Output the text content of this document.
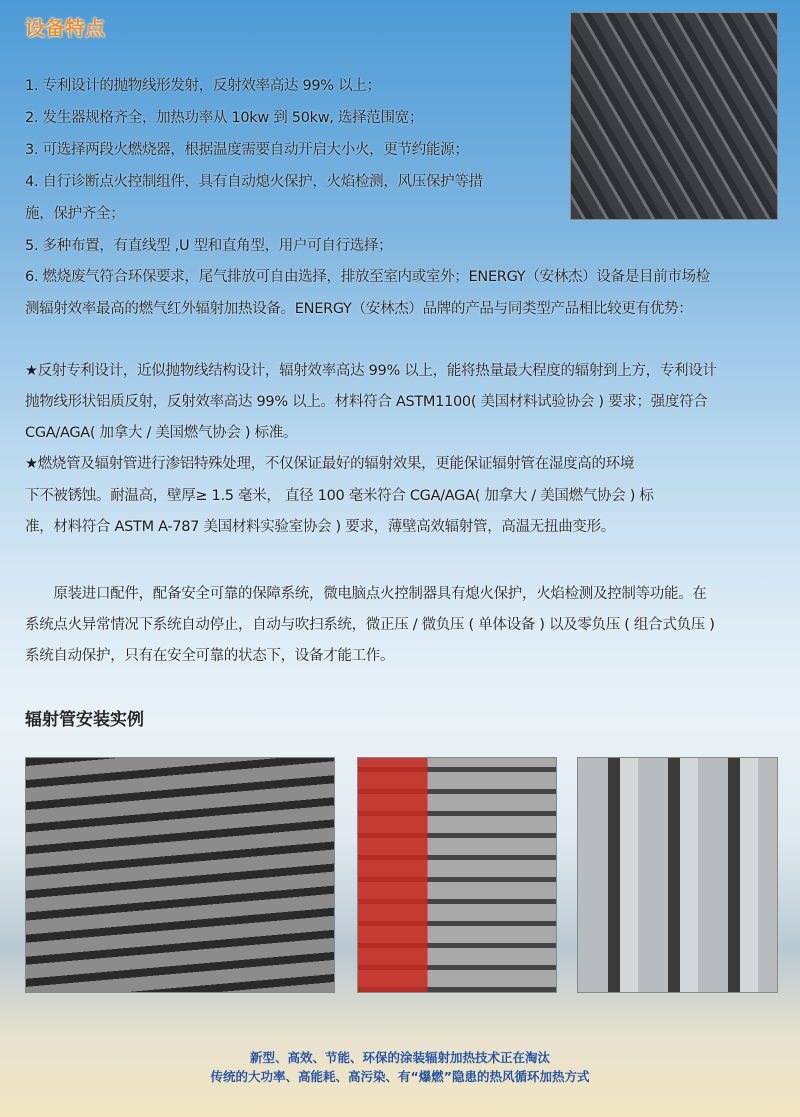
设备特点
1. 专利设计的抛物线形发射，反射效率高达 99% 以上；
2. 发生器规格齐全，加热功率从 10kw 到 50kw, 选择范围宽；
3. 可选择两段火燃烧器，根据温度需要自动开启大小火，更节约能源；
4. 自行诊断点火控制组件，具有自动熄火保护，火焰检测，风压保护等措
施，保护齐全；
5. 多种布置，有直线型 ,U 型和直角型，用户可自行选择；
6. 燃烧废气符合环保要求，尾气排放可自由选择，排放至室内或室外；ENERGY（安林杰）设备是目前市场检
测辐射效率最高的燃气红外辐射加热设备。ENERGY（安林杰）品牌的产品与同类型产品相比较更有优势：
★反射专利设计，近似抛物线结构设计，辐射效率高达 99% 以上，能将热量最大程度的辐射到上方，专利设计
抛物线形状铝质反射，反射效率高达 99% 以上。材料符合 ASTM1100( 美国材料试验协会 ) 要求；强度符合
CGA/AGA( 加拿大 / 美国燃气协会 ) 标准。
★燃烧管及辐射管进行渗铝特殊处理，不仅保证最好的辐射效果，更能保证辐射管在湿度高的环境
下不被锈蚀。耐温高，壁厚≥ 1.5 毫米， 直径 100 毫米符合 CGA/AGA( 加拿大 / 美国燃气协会 ) 标
准，材料符合 ASTM A-787 美国材料实验室协会 ) 要求，薄壁高效辐射管，高温无扭曲变形。
　　原装进口配件，配备安全可靠的保障系统，微电脑点火控制器具有熄火保护，火焰检测及控制等功能。在
系统点火异常情况下系统自动停止，自动与吹扫系统，微正压 / 微负压 ( 单体设备 ) 以及零负压 ( 组合式负压 )
系统自动保护，只有在安全可靠的状态下，设备才能工作。
辐射管安装实例
新型、高效、节能、环保的涂装辐射加热技术正在淘汰
传统的大功率、高能耗、高污染、有“爆燃”隐患的热风循环加热方式
